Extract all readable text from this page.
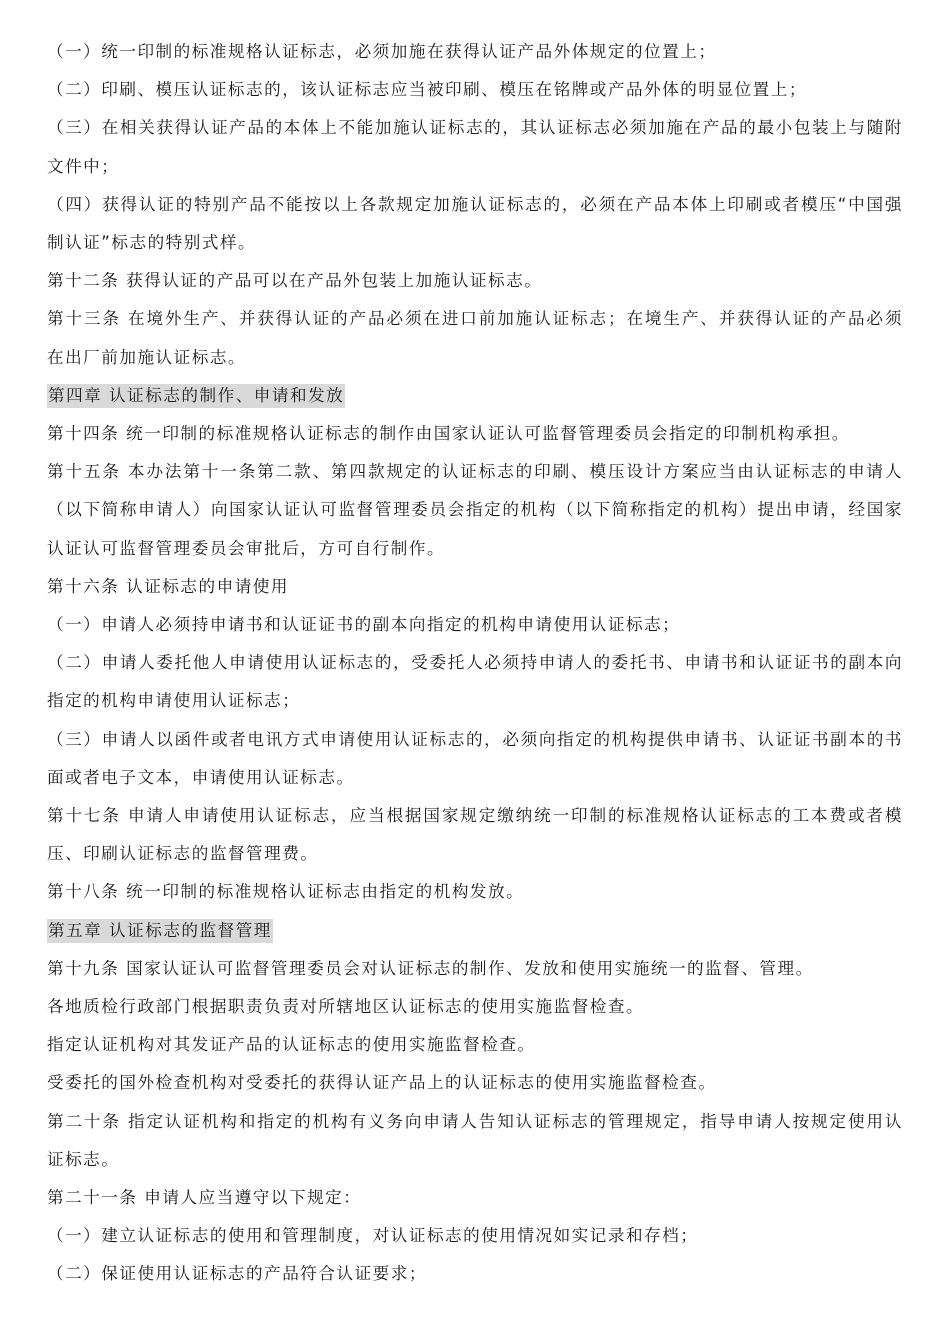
（一）统一印制的标准规格认证标志，必须加施在获得认证产品外体规定的位置上；

（二）印刷、模压认证标志的，该认证标志应当被印刷、模压在铭牌或产品外体的明显位置上；

（三）在相关获得认证产品的本体上不能加施认证标志的，其认证标志必须加施在产品的最小包装上与随附文件中；

（四）获得认证的特别产品不能按以上各款规定加施认证标志的，必须在产品本体上印刷或者模压“中国强制认证”标志的特别式样。

第十二条 获得认证的产品可以在产品外包装上加施认证标志。

第十三条 在境外生产、并获得认证的产品必须在进口前加施认证标志；在境生产、并获得认证的产品必须在出厂前加施认证标志。

第四章 认证标志的制作、申请和发放

第十四条 统一印制的标准规格认证标志的制作由国家认证认可监督管理委员会指定的印制机构承担。

第十五条 本办法第十一条第二款、第四款规定的认证标志的印刷、模压设计方案应当由认证标志的申请人（以下简称申请人）向国家认证认可监督管理委员会指定的机构（以下简称指定的机构）提出申请，经国家认证认可监督管理委员会审批后，方可自行制作。

第十六条 认证标志的申请使用

（一）申请人必须持申请书和认证证书的副本向指定的机构申请使用认证标志；

（二）申请人委托他人申请使用认证标志的，受委托人必须持申请人的委托书、申请书和认证证书的副本向指定的机构申请使用认证标志；

（三）申请人以函件或者电讯方式申请使用认证标志的，必须向指定的机构提供申请书、认证证书副本的书面或者电子文本，申请使用认证标志。

第十七条 申请人申请使用认证标志，应当根据国家规定缴纳统一印制的标准规格认证标志的工本费或者模压、印刷认证标志的监督管理费。

第十八条 统一印制的标准规格认证标志由指定的机构发放。

第五章 认证标志的监督管理

第十九条 国家认证认可监督管理委员会对认证标志的制作、发放和使用实施统一的监督、管理。

各地质检行政部门根据职责负责对所辖地区认证标志的使用实施监督检查。

指定认证机构对其发证产品的认证标志的使用实施监督检查。

受委托的国外检查机构对受委托的获得认证产品上的认证标志的使用实施监督检查。

第二十条 指定认证机构和指定的机构有义务向申请人告知认证标志的管理规定，指导申请人按规定使用认证标志。

第二十一条 申请人应当遵守以下规定：

（一）建立认证标志的使用和管理制度，对认证标志的使用情况如实记录和存档；

（二）保证使用认证标志的产品符合认证要求；
